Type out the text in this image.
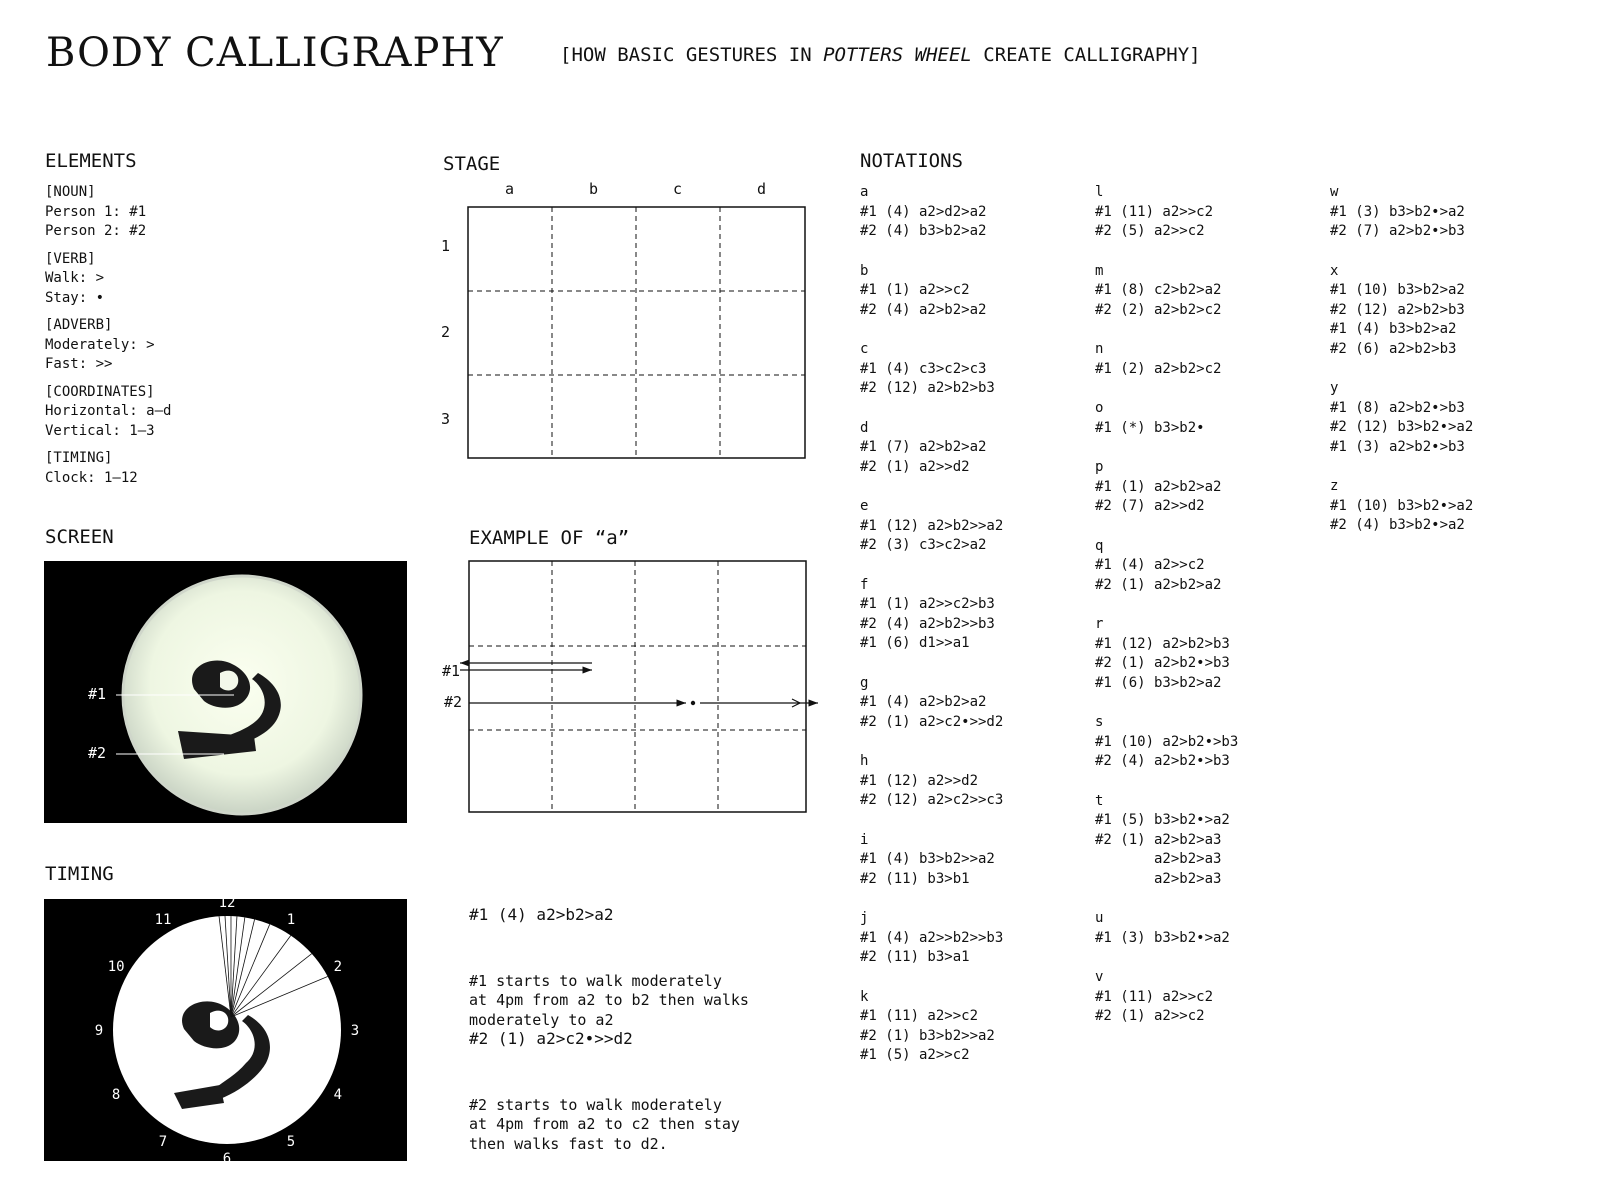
BODY CALLIGRAPHY	[HOW BASIC GESTURES IN POTTERS WHEEL CREATE CALLIGRAPHY]
ELEMENTS
[NOUN]
Person 1: #1
Person 2: #2
[VERB]
Walk: >
Stay: •
[ADVERB]
Moderately: >
Fast: >>
[COORDINATES]
Horizontal: a–d
Vertical: 1–3
[TIMING]
Clock: 1–12
SCREEN
#1
#2
TIMING
12
1
2
3
4
5
6
7
8
9
10
11
STAGE
a	b	c	d
1
2
3
EXAMPLE OF “a”
#1
#2

#1 (4) a2>b2>a2

#1 starts to walk moderately
at 4pm from a2 to b2 then walks
moderately to a2

#2 (1) a2>c2•>>d2

#2 starts to walk moderately
at 4pm from a2 to c2 then stay
then walks fast to d2.

NOTATIONS
a
#1 (4) a2>d2>a2
#2 (4) b3>b2>a2
b
#1 (1) a2>>c2
#2 (4) a2>b2>a2
c
#1 (4) c3>c2>c3
#2 (12) a2>b2>b3
d
#1 (7) a2>b2>a2
#2 (1) a2>>d2
e
#1 (12) a2>b2>>a2
#2 (3) c3>c2>a2
f
#1 (1) a2>>c2>b3
#2 (4) a2>b2>>b3
#1 (6) d1>>a1
g
#1 (4) a2>b2>a2
#2 (1) a2>c2•>>d2
h
#1 (12) a2>>d2
#2 (12) a2>c2>>c3
i
#1 (4) b3>b2>>a2
#2 (11) b3>b1
j
#1 (4) a2>>b2>>b3
#2 (11) b3>a1
k
#1 (11) a2>>c2
#2 (1) b3>b2>>a2
#1 (5) a2>>c2
l
#1 (11) a2>>c2
#2 (5) a2>>c2
m
#1 (8) c2>b2>a2
#2 (2) a2>b2>c2
n
#1 (2) a2>b2>c2
o
#1 (*) b3>b2•
p
#1 (1) a2>b2>a2
#2 (7) a2>>d2
q
#1 (4) a2>>c2
#2 (1) a2>b2>a2
r
#1 (12) a2>b2>b3
#2 (1) a2>b2•>b3
#1 (6) b3>b2>a2
s
#1 (10) a2>b2•>b3
#2 (4) a2>b2•>b3
t
#1 (5) b3>b2•>a2
#2 (1) a2>b2>a3
a2>b2>a3
a2>b2>a3
u
#1 (3) b3>b2•>a2
v
#1 (11) a2>>c2
#2 (1) a2>>c2
w
#1 (3) b3>b2•>a2
#2 (7) a2>b2•>b3
x
#1 (10) b3>b2>a2
#2 (12) a2>b2>b3
#1 (4) b3>b2>a2
#2 (6) a2>b2>b3
y
#1 (8) a2>b2•>b3
#2 (12) b3>b2•>a2
#1 (3) a2>b2•>b3
z
#1 (10) b3>b2•>a2
#2 (4) b3>b2•>a2
